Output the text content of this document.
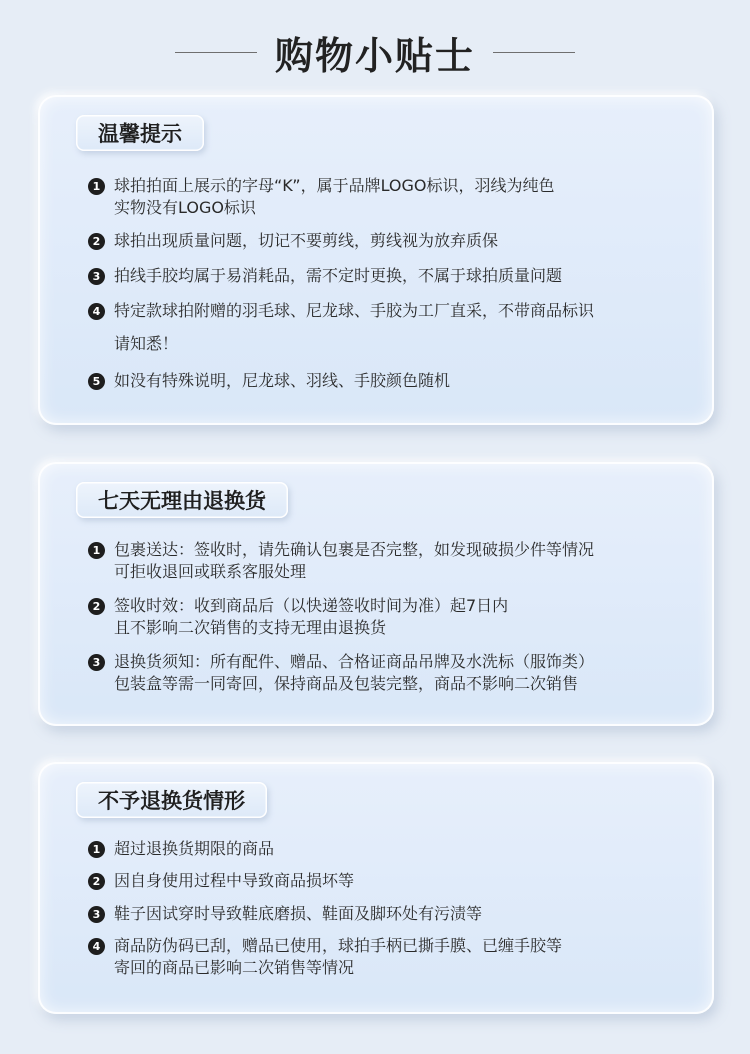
购物小贴士
温馨提示
1 球拍拍面上展示的字母“K”，属于品牌LOGO标识，羽线为纯色
实物没有LOGO标识
2 球拍出现质量问题，切记不要剪线，剪线视为放弃质保
3 拍线手胶均属于易消耗品，需不定时更换，不属于球拍质量问题
4 特定款球拍附赠的羽毛球、尼龙球、手胶为工厂直采，不带商品标识
请知悉！
5 如没有特殊说明，尼龙球、羽线、手胶颜色随机
七天无理由退换货
1 包裹送达：签收时，请先确认包裹是否完整，如发现破损少件等情况
可拒收退回或联系客服处理
2 签收时效：收到商品后（以快递签收时间为准）起7日内
且不影响二次销售的支持无理由退换货
3 退换货须知：所有配件、赠品、合格证商品吊牌及水洗标（服饰类）
包装盒等需一同寄回，保持商品及包装完整，商品不影响二次销售
不予退换货情形
1 超过退换货期限的商品
2 因自身使用过程中导致商品损坏等
3 鞋子因试穿时导致鞋底磨损、鞋面及脚环处有污渍等
4 商品防伪码已刮，赠品已使用，球拍手柄已撕手膜、已缠手胶等
寄回的商品已影响二次销售等情况
